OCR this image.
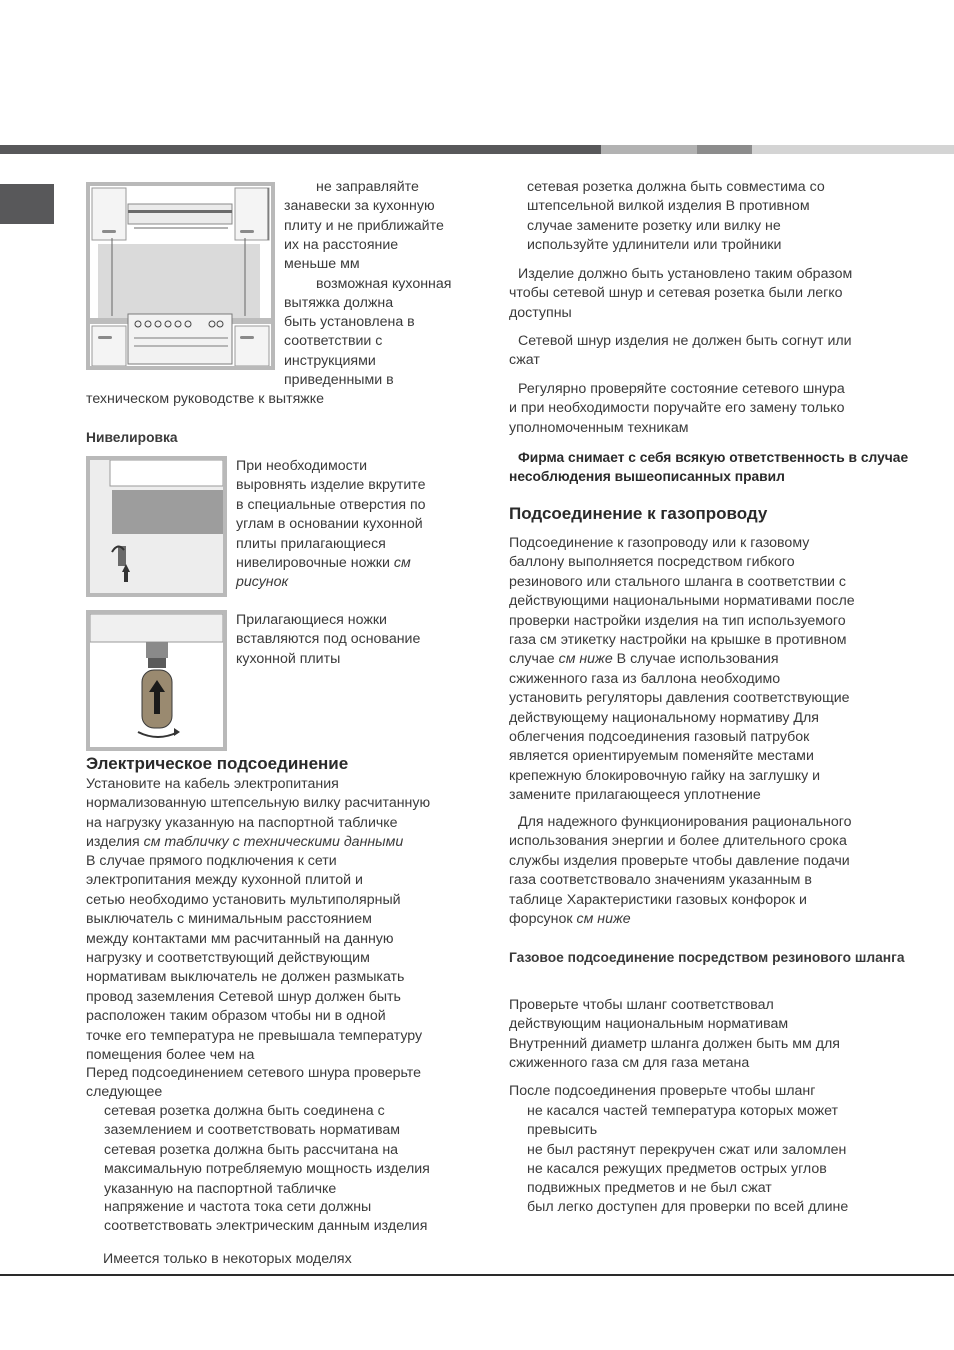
не заправляйте

занавески за кухонную

плиту и не приближайте

их на расстояние

меньше мм

возможная кухонная

вытяжка должна

быть установлена в

соответствии с

инструкциями

приведенными в

техническом руководстве к вытяжке

Нивелировка

При необходимости
выровнять изделие вкрутите
в специальные отверстия по
углам в основании кухонной
плиты прилагающиеся
нивелировочные ножки см
рисунок

Прилагающиеся ножки
вставляются под основание
кухонной плиты

Электрическое подсоединение

Установите на кабель электропитания
нормализованную штепсельную вилку расчитанную
на нагрузку указанную на паспортной табличке
изделия см табличку с техническими данными

В случае прямого подключения к сети
электропитания между кухонной плитой и
сетью необходимо установить мультиполярный
выключатель с минимальным расстоянием
между контактами мм расчитанный на данную
нагрузку и соответствующий действующим
нормативам выключатель не должен размыкать
провод заземления Сетевой шнур должен быть
расположен таким образом чтобы ни в одной
точке его температура не превышала температуру
помещения более чем на

Перед подсоединением сетевого шнура проверьте
следующее

сетевая розетка должна быть соединена с
заземлением и соответствовать нормативам

сетевая розетка должна быть рассчитана на
максимальную потребляемую мощность изделия
указанную на паспортной табличке

напряжение и частота тока сети должны
соответствовать электрическим данным изделия

Имеется только в некоторых моделях

сетевая розетка должна быть совместима со
штепсельной вилкой изделия В противном
случае замените розетку или вилку не
используйте удлинители или тройники

Изделие должно быть установлено таким образом
чтобы сетевой шнур и сетевая розетка были легко
доступны

Сетевой шнур изделия не должен быть согнут или
сжат

Регулярно проверяйте состояние сетевого шнура
и при необходимости поручайте его замену только
уполномоченным техникам

Фирма снимает с себя всякую ответственность в случае несоблюдения вышеописанных правил

Подсоединение к газопроводу

Подсоединение к газопроводу или к газовому
баллону выполняется посредством гибкого
резинового или стального шланга в соответствии с
действующими национальными нормативами после
проверки настройки изделия на тип используемого
газа см этикетку настройки на крышке в противном
случае см ниже В случае использования
сжиженного газа из баллона необходимо
установить регуляторы давления соответствующие
действующему национальному нормативу Для
облегчения подсоединения газовый патрубок
является ориентируемым поменяйте местами
крепежную блокировочную гайку на заглушку и
замените прилагающееся уплотнение

Для надежного функционирования рационального
использования энергии и более длительного срока
службы изделия проверьте чтобы давление подачи
газа соответствовало значениям указанным в
таблице Характеристики газовых конфорок и
форсунок см ниже

Газовое подсоединение посредством резинового шланга

Проверьте чтобы шланг соответствовал
действующим национальным нормативам
Внутренний диаметр шланга должен быть мм для
сжиженного газа см для газа метана

После подсоединения проверьте чтобы шланг

не касался частей температура которых может
превысить

не был растянут перекручен сжат или заломлен

не касался режущих предметов острых углов
подвижных предметов и не был сжат

был легко доступен для проверки по всей длине
